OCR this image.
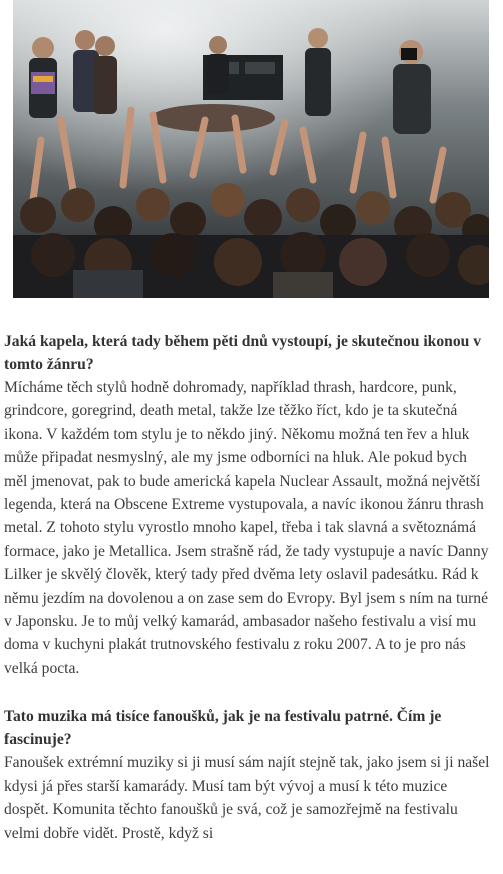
Jaká kapela, která tady během pěti dnů vystoupí, je skutečnou ikonou v tomto žánru?

Mícháme těch stylů hodně dohromady, například thrash, hardcore, punk, grindcore, goregrind, death metal, takže lze těžko říct, kdo je ta skutečná ikona. V každém tom stylu je to někdo jiný. Někomu možná ten řev a hluk může připadat nesmyslný, ale my jsme odborníci na hluk. Ale pokud bych měl jmenovat, pak to bude americká kapela Nuclear Assault, možná největší legenda, která na Obscene Extreme vystupovala, a navíc ikonou žánru thrash metal. Z tohoto stylu vyrostlo mnoho kapel, třeba i tak slavná a světoznámá formace, jako je Metallica. Jsem strašně rád, že tady vystupuje a navíc Danny Lilker je skvělý člověk, který tady před dvěma lety oslavil padesátku. Rád k němu jezdím na dovolenou a on zase sem do Evropy. Byl jsem s ním na turné v Japonsku. Je to můj velký kamarád, ambasador našeho festivalu a visí mu doma v kuchyni plakát trutnovského festivalu z roku 2007. A to je pro nás velká pocta.

Tato muzika má tisíce fanoušků, jak je na festivalu patrné. Čím je fascinuje?

Fanoušek extrémní muziky si ji musí sám najít stejně tak, jako jsem si ji našel kdysi já přes starší kamarády. Musí tam být vývoj a musí k této muzice dospět. Komunita těchto fanoušků je svá, což je samozřejmě na festivalu velmi dobře vidět. Prostě, když si
